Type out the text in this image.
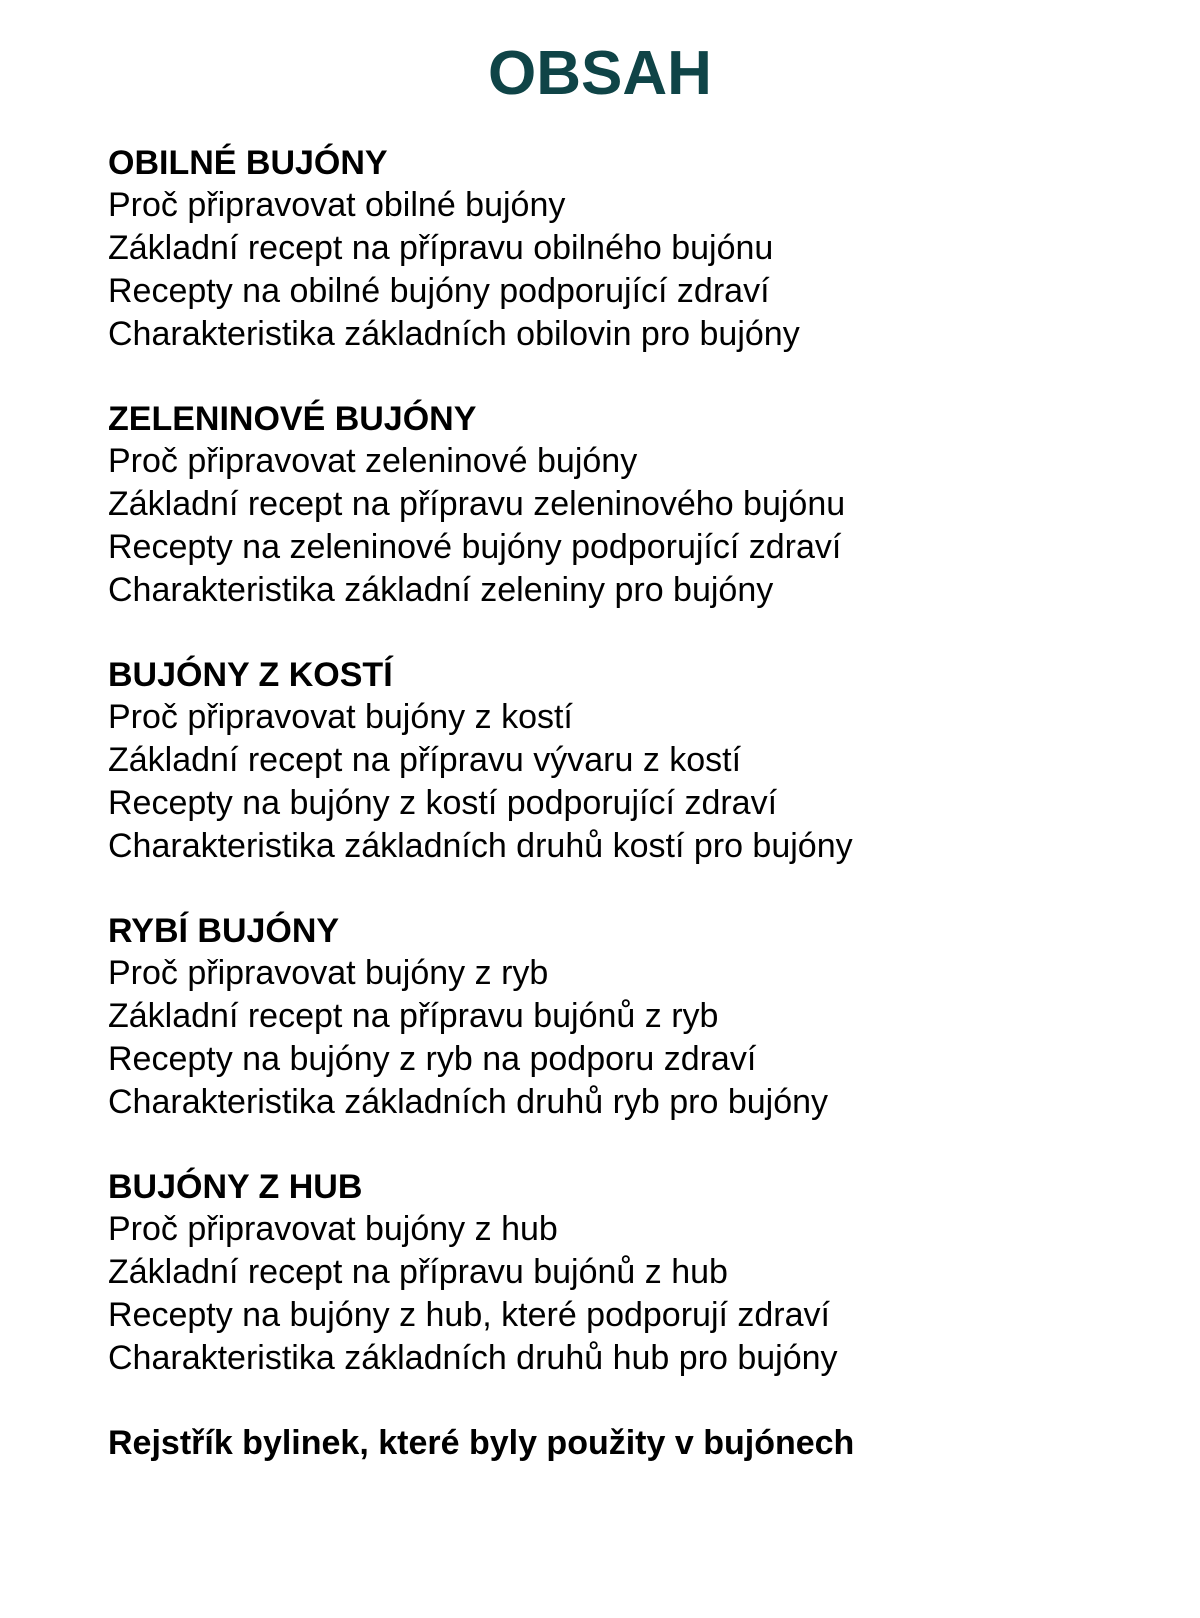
OBSAH
OBILNÉ BUJÓNY
Proč připravovat obilné bujóny
Základní recept na přípravu obilného bujónu
Recepty na obilné bujóny podporující zdraví
Charakteristika základních obilovin pro bujóny
ZELENINOVÉ BUJÓNY
Proč připravovat zeleninové bujóny
Základní recept na přípravu zeleninového bujónu
Recepty na zeleninové bujóny podporující zdraví
Charakteristika základní zeleniny pro bujóny
BUJÓNY Z KOSTÍ
Proč připravovat bujóny z kostí
Základní recept na přípravu vývaru z kostí
Recepty na bujóny z kostí podporující zdraví
Charakteristika základních druhů kostí pro bujóny
RYBÍ BUJÓNY
Proč připravovat bujóny z ryb
Základní recept na přípravu bujónů z ryb
Recepty na bujóny z ryb na podporu zdraví
Charakteristika základních druhů ryb pro bujóny
BUJÓNY Z HUB
Proč připravovat bujóny z hub
Základní recept na přípravu bujónů z hub
Recepty na bujóny z hub, které podporují zdraví
Charakteristika základních druhů hub pro bujóny
Rejstřík bylinek, které byly použity v bujónech
